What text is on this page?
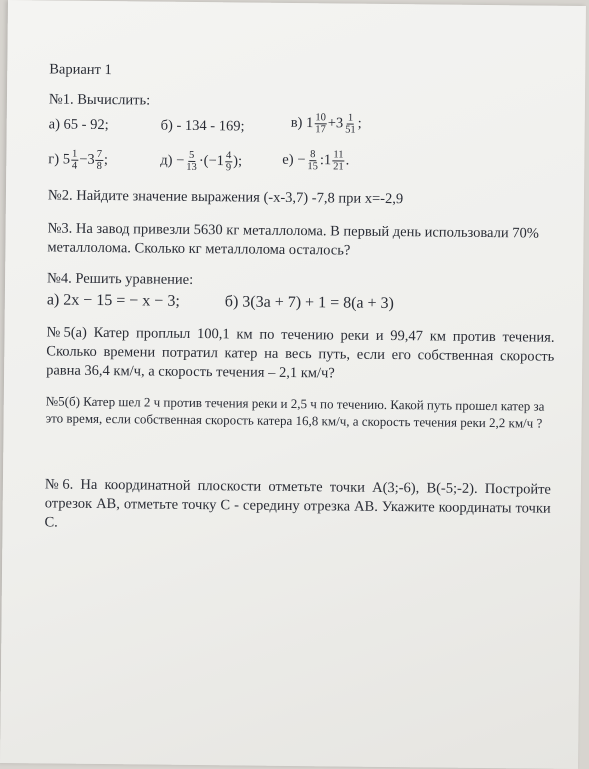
Вариант 1
№1. Вычислить:
а) 65 - 92;	б) - 134 - 169;	в) $1 \frac{10}{17} +3 \frac{1}{51}$ ;
г) $5 \frac{1}{4} -3 \frac{7}{8}$ ;	$д) - \frac{5}{13} \cdot(-1 \frac{4}{9}$ );	$е) - \frac{8}{15}$ :1 $\frac{11}{21}$ .
№2. Найдите значение выражения (-х-3,7) -7,8 при х=-2,9
№3. На завод привезли 5630 кг металлолома. В первый день использовали 70% металлолома. Сколько кг металлолома осталось?
№4. Решить уравнение:
а) 2х − 15 = − х − 3;	б) 3(3а + 7) + 1 = 8(а + 3)
№5(а) Катер проплыл 100,1 км по течению реки и 99,47 км против течения. Сколько времени потратил катер на весь путь, если его собственная скорость равна 36,4 км/ч, а скорость течения – 2,1 км/ч?
№5(б) Катер шел 2 ч против течения реки и 2,5 ч по течению. Какой путь прошел катер за это время, если собственная скорость катера 16,8 км/ч, а скорость течения реки 2,2 км/ч ?
№6. На координатной плоскости отметьте точки А(3;-6), В(-5;-2). Постройте отрезок АВ, отметьте точку С - середину отрезка АВ. Укажите координаты точки С.
